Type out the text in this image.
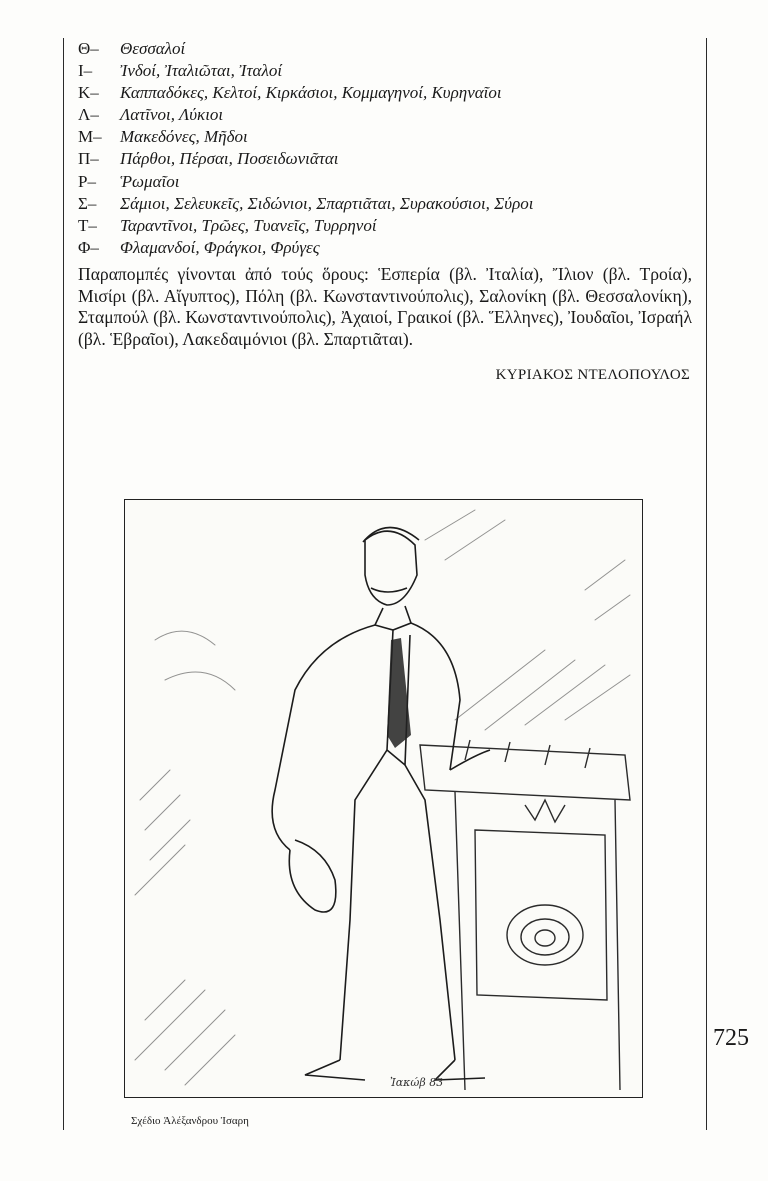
Θ–	Θεσσαλοί
Ι–	Ἰνδοί, Ἰταλιῶται, Ἰταλοί
Κ–	Καππαδόκες, Κελτοί, Κιρκάσιοι, Κομμαγηνοί, Κυρηναῖοι
Λ–	Λατῖνοι, Λύκιοι
Μ–	Μακεδόνες, Μῆδοι
Π–	Πάρθοι, Πέρσαι, Ποσειδωνιᾶται
Ρ–	Ῥωμαῖοι
Σ–	Σάμιοι, Σελευκεῖς, Σιδώνιοι, Σπαρτιᾶται, Συρακούσιοι, Σύροι
Τ–	Ταραντῖνοι, Τρῶες, Τυανεῖς, Τυρρηνοί
Φ–	Φλαμανδοί, Φράγκοι, Φρύγες

Παραπομπές γίνονται ἀπό τούς ὅρους: Ἑσπερία (βλ. Ἰταλία), Ἴλιον (βλ. Τροία), Μισίρι (βλ. Αἴγυπτος), Πόλη (βλ. Κωνσταντινούπολις), Σαλονίκη (βλ. Θεσσαλονίκη), Σταμπούλ (βλ. Κωνσταντινούπολις), Ἀχαιοί, Γραικοί (βλ. Ἕλληνες), Ἰουδαῖοι, Ἰσραήλ (βλ. Ἑβραῖοι), Λακεδαιμόνιοι (βλ. Σπαρτιᾶται).

ΚΥΡΙΑΚΟΣ ΝΤΕΛΟΠΟΥΛΟΣ
Ἰακώβ 83
Σχέδιο Ἀλέξανδρου Ἰσαρη
725
